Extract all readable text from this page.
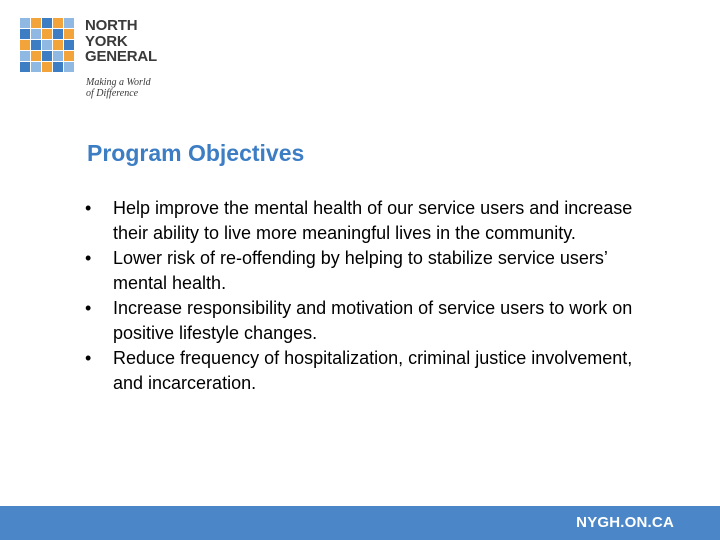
NORTH
YORK
GENERAL
Making a World
of Difference
Program Objectives
• Help improve the mental health of our service users and increase their ability to live more meaningful lives in the community.
• Lower risk of re-offending by helping to stabilize service users’ mental health.
• Increase responsibility and motivation of service users to work on positive lifestyle changes.
• Reduce frequency of hospitalization, criminal justice involvement, and incarceration.
NYGH.ON.CA
